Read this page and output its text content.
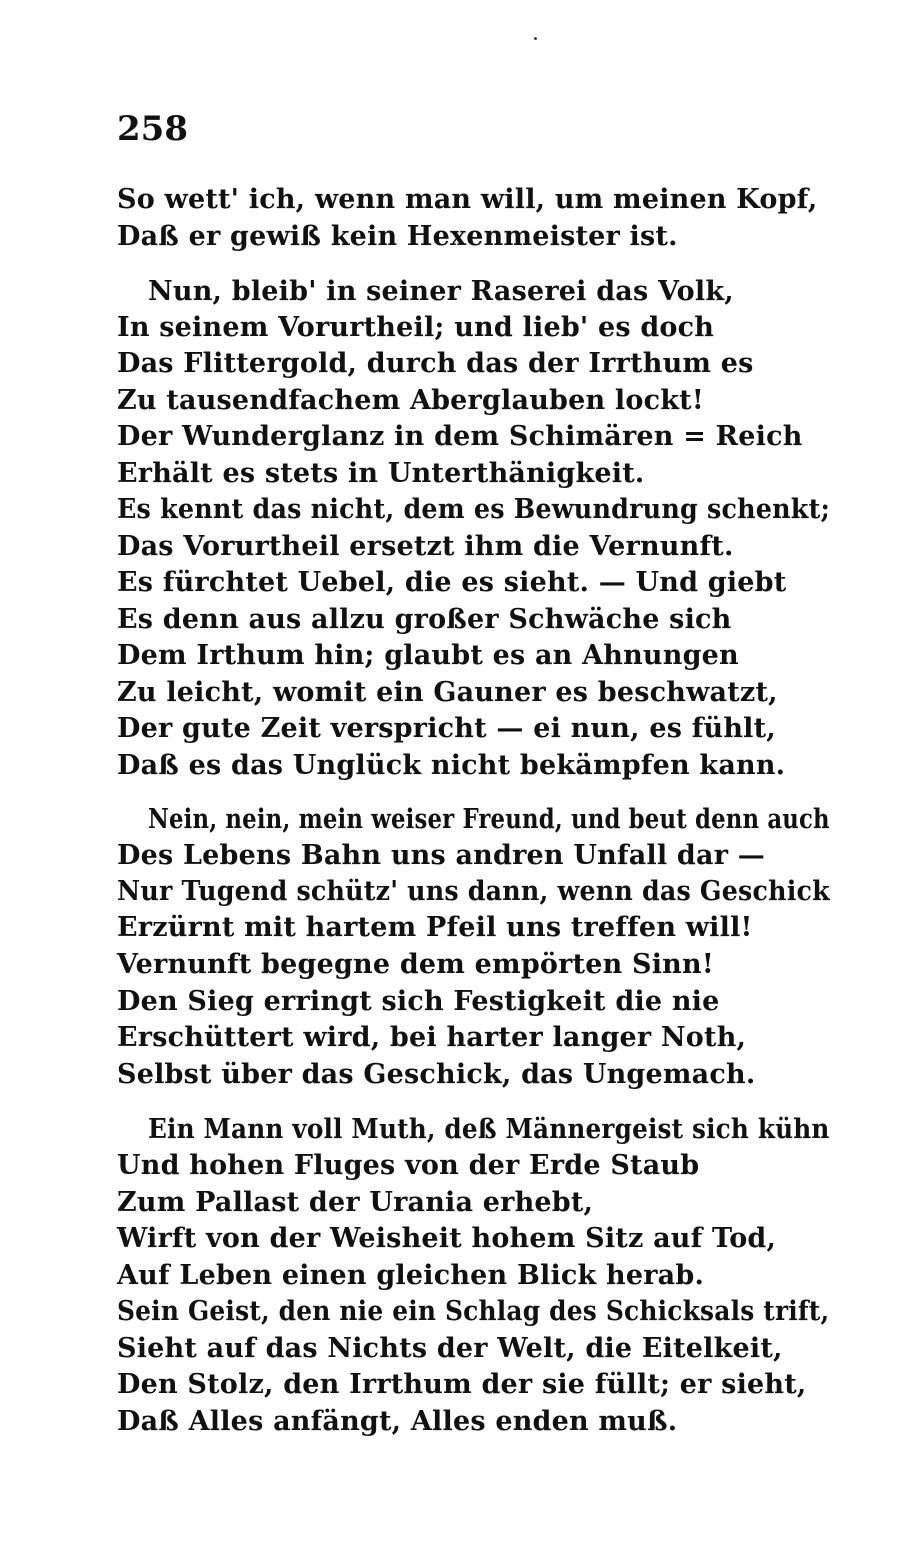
258
So wett' ich, wenn man will, um meinen Kopf,
Daß er gewiß kein Hexenmeister ist.
Nun, bleib' in seiner Raserei das Volk,
In seinem Vorurtheil; und lieb' es doch
Das Flittergold, durch das der Irrthum es
Zu tausendfachem Aberglauben lockt!
Der Wunderglanz in dem Schimären = Reich
Erhält es stets in Unterthänigkeit.
Es kennt das nicht, dem es Bewundrung schenkt;
Das Vorurtheil ersetzt ihm die Vernunft.
Es fürchtet Uebel, die es sieht. — Und giebt
Es denn aus allzu großer Schwäche sich
Dem Irthum hin; glaubt es an Ahnungen
Zu leicht, womit ein Gauner es beschwatzt,
Der gute Zeit verspricht — ei nun, es fühlt,
Daß es das Unglück nicht bekämpfen kann.
Nein, nein, mein weiser Freund, und beut denn auch
Des Lebens Bahn uns andren Unfall dar —
Nur Tugend schütz' uns dann, wenn das Geschick
Erzürnt mit hartem Pfeil uns treffen will!
Vernunft begegne dem empörten Sinn!
Den Sieg erringt sich Festigkeit die nie
Erschüttert wird, bei harter langer Noth,
Selbst über das Geschick, das Ungemach.
Ein Mann voll Muth, deß Männergeist sich kühn
Und hohen Fluges von der Erde Staub
Zum Pallast der Urania erhebt,
Wirft von der Weisheit hohem Sitz auf Tod,
Auf Leben einen gleichen Blick herab.
Sein Geist, den nie ein Schlag des Schicksals trift,
Sieht auf das Nichts der Welt, die Eitelkeit,
Den Stolz, den Irrthum der sie füllt; er sieht,
Daß Alles anfängt, Alles enden muß.
